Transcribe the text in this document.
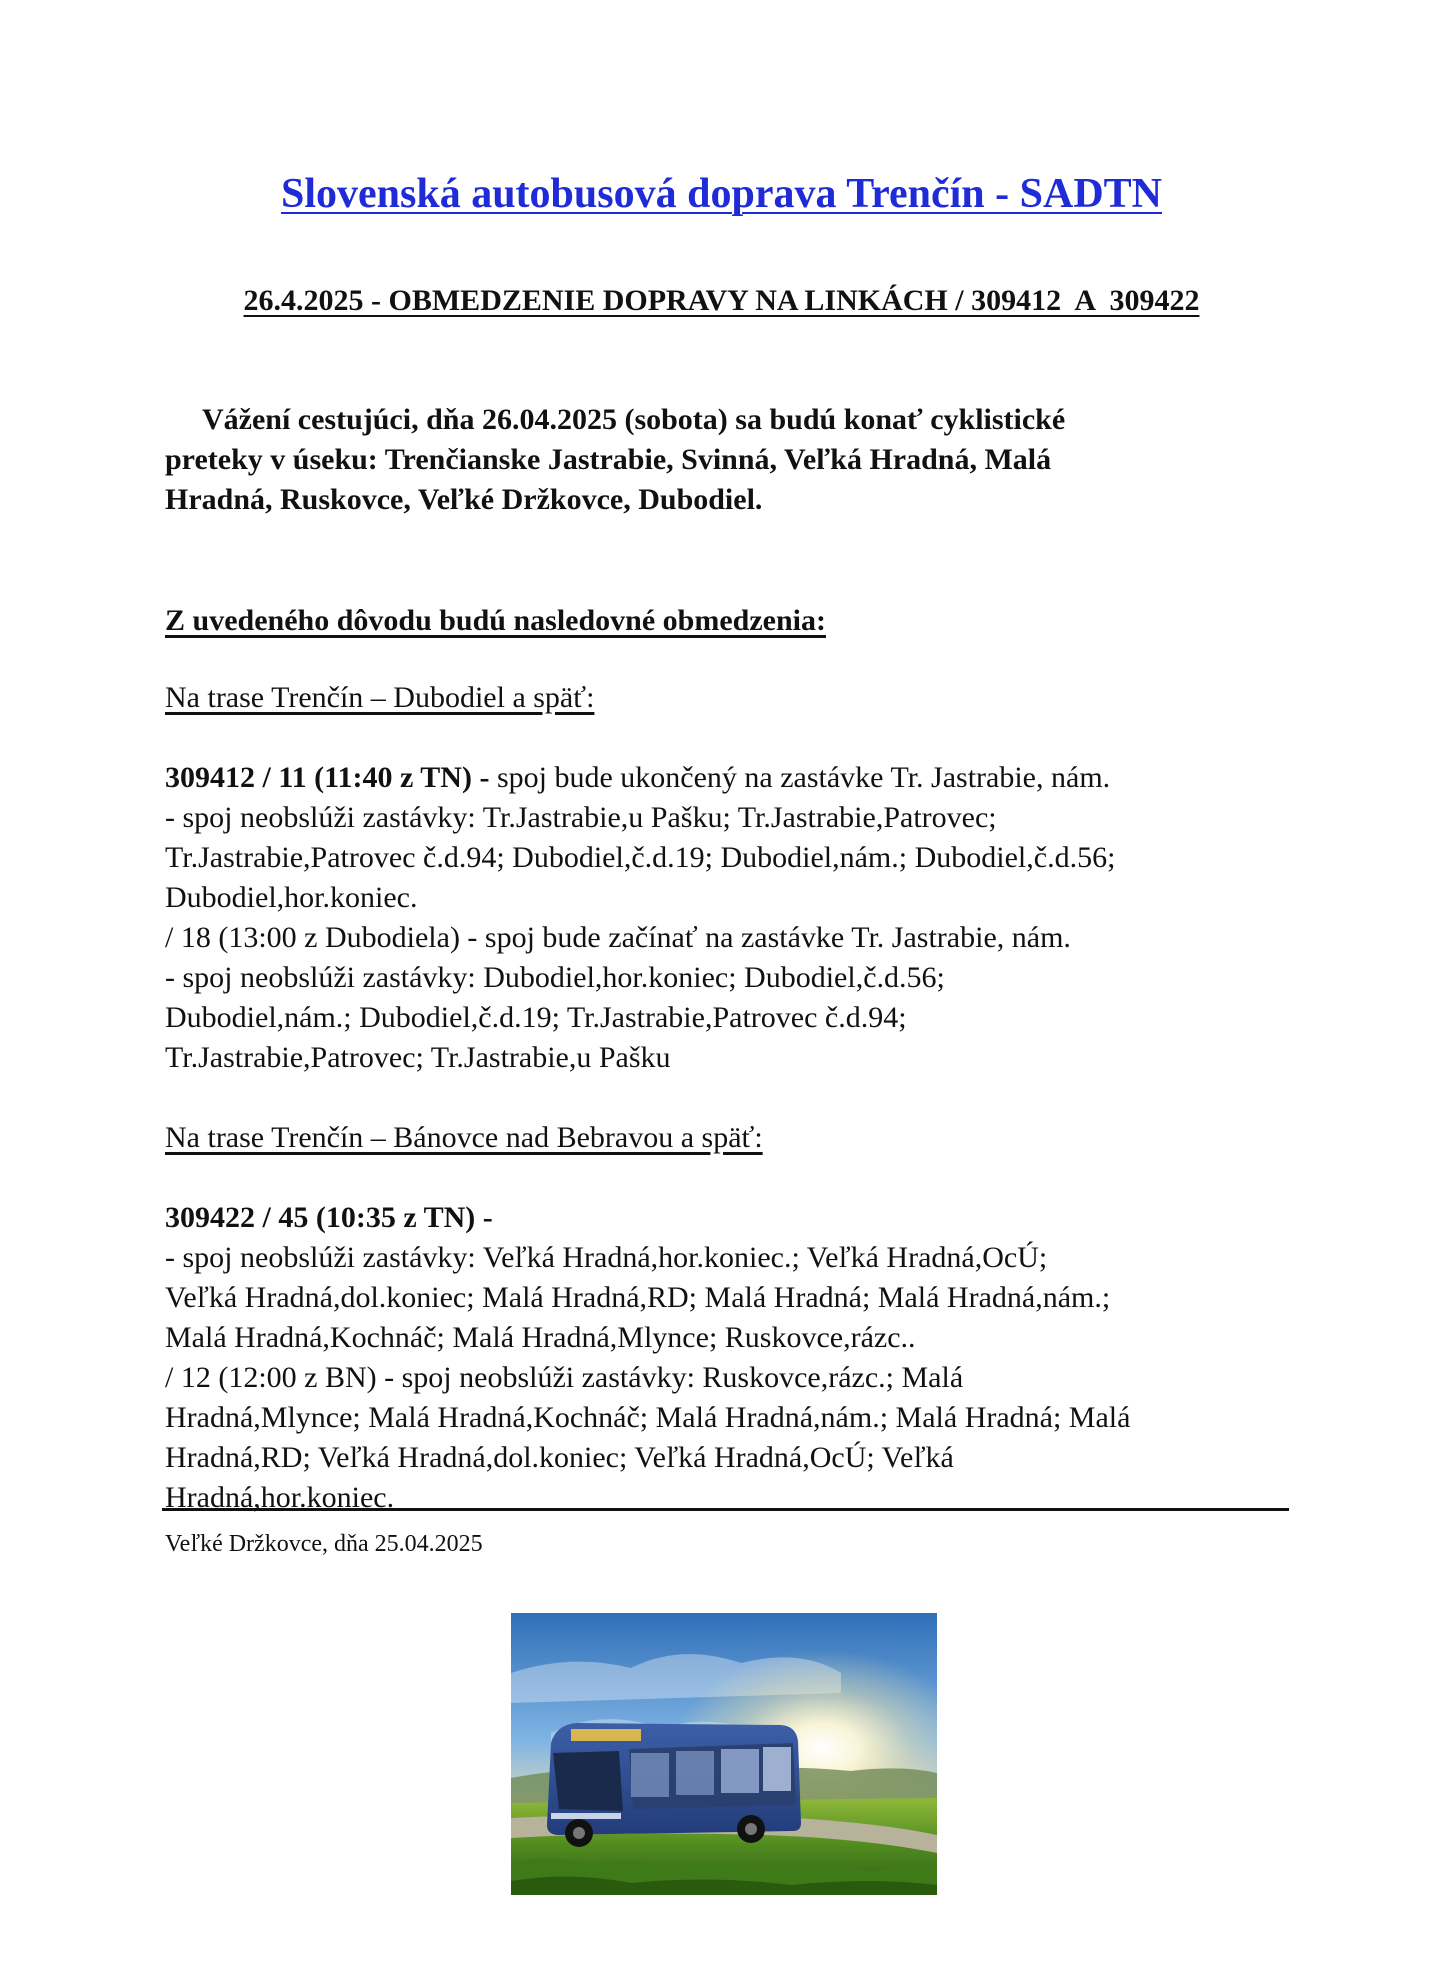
Slovenská autobusová doprava Trenčín - SADTN
26.4.2025 - OBMEDZENIE DOPRAVY NA LINKÁCH / 309412  A  309422
Vážení cestujúci, dňa 26.04.2025 (sobota) sa budú konať cyklistické
preteky v úseku: Trenčianske Jastrabie, Svinná, Veľká Hradná, Malá
Hradná, Ruskovce, Veľké Držkovce, Dubodiel.
Z uvedeného dôvodu budú nasledovné obmedzenia:
Na trase Trenčín – Dubodiel a späť:
309412 / 11 (11:40 z TN) - spoj bude ukončený na zastávke Tr. Jastrabie, nám.
- spoj neobslúži zastávky: Tr.Jastrabie,u Pašku; Tr.Jastrabie,Patrovec;
Tr.Jastrabie,Patrovec č.d.94; Dubodiel,č.d.19; Dubodiel,nám.; Dubodiel,č.d.56;
Dubodiel,hor.koniec.
/ 18 (13:00 z Dubodiela) - spoj bude začínať na zastávke Tr. Jastrabie, nám.
- spoj neobslúži zastávky: Dubodiel,hor.koniec; Dubodiel,č.d.56;
Dubodiel,nám.; Dubodiel,č.d.19; Tr.Jastrabie,Patrovec č.d.94;
Tr.Jastrabie,Patrovec; Tr.Jastrabie,u Pašku
Na trase Trenčín – Bánovce nad Bebravou a späť:
309422 / 45 (10:35 z TN) -
- spoj neobslúži zastávky: Veľká Hradná,hor.koniec.; Veľká Hradná,OcÚ;
Veľká Hradná,dol.koniec; Malá Hradná,RD; Malá Hradná; Malá Hradná,nám.;
Malá Hradná,Kochnáč; Malá Hradná,Mlynce; Ruskovce,rázc..
/ 12 (12:00 z BN) - spoj neobslúži zastávky: Ruskovce,rázc.; Malá
Hradná,Mlynce; Malá Hradná,Kochnáč; Malá Hradná,nám.; Malá Hradná; Malá
Hradná,RD; Veľká Hradná,dol.koniec; Veľká Hradná,OcÚ; Veľká
Hradná,hor.koniec.
Veľké Držkovce, dňa 25.04.2025
